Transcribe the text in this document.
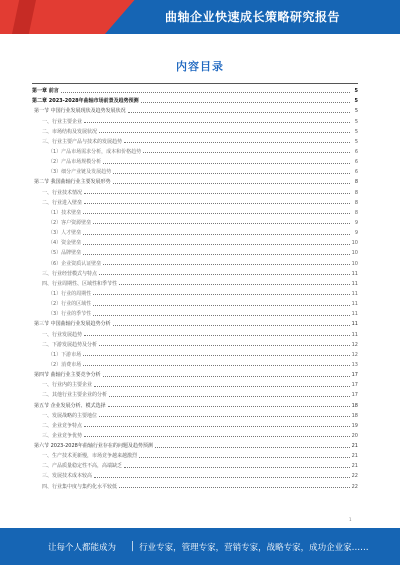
曲轴企业快速成长策略研究报告
内容目录
第一章 前言	5
第二章 2023-2028年曲轴市场前景及趋势预测	5
第一节 中国行业发展现状及趋势发展状况	5
一、行业主要企业	5
二、市场结构及发展状况	5
三、行业主要产品与技术的发展趋势	5
（1）产品市场需求分析，成本和价格趋势	6
（2）产品市场规模分析	6
（3）细分产业链及发展趋势	6
第二节 我国曲轴行业主要发展形势	8
一、行业技术情况	8
二、行业进入壁垒	8
（1）技术壁垒	8
（2）客户资源壁垒	9
（3）人才壁垒	9
（4）资金壁垒	10
（5）品牌壁垒	10
（6）企业资质认证壁垒	10
三、行业经营模式与特点	11
四、行业周期性、区域性和季节性	11
（1）行业的周期性	11
（2）行业的区域性	11
（3）行业的季节性	11
第三节 中国曲轴行业发展趋势分析	11
一、行业发展趋势	11
二、下游发展趋势及分析	12
（1）下游市场	12
（2）消费市场	13
第四节 曲轴行业主要竞争分析	17
一、行业内的主要企业	17
二、其他行业主要企业的分析	17
第五节 企业发展分析、模式选择	18
一、发展战略的主要地位	18
二、企业竞争特点	19
三、企业竞争优势	20
第六节 2023-2028年曲轴行业存在的问题及趋势预测	21
一、生产技术更新慢，市场竞争越来越激烈	21
二、产品质量稳定性不高，高端缺乏	21
三、发展技术成本较高	22
四、行业集中度与集约化水平较低	22
1
让每个人都能成为 │ 行业专家，管理专家，营销专家，战略专家，成功企业家……
